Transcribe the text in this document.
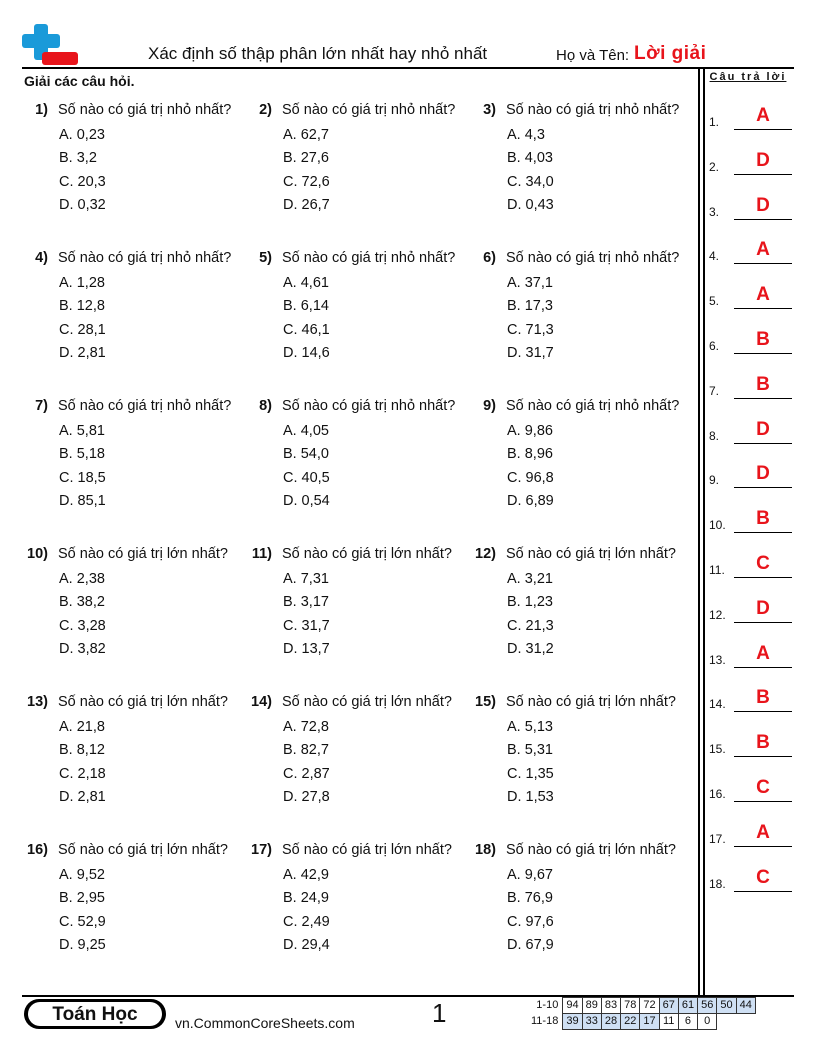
Xác định số thập phân lớn nhất hay nhỏ nhất	Họ và Tên: Lời giải
Giải các câu hỏi.	Câu trả lời
1) Số nào có giá trị nhỏ nhất?
A. 0,23
B. 3,2
C. 20,3
D. 0,32
2) Số nào có giá trị nhỏ nhất?
A. 62,7
B. 27,6
C. 72,6
D. 26,7
3) Số nào có giá trị nhỏ nhất?
A. 4,3
B. 4,03
C. 34,0
D. 0,43
4) Số nào có giá trị nhỏ nhất?
A. 1,28
B. 12,8
C. 28,1
D. 2,81
5) Số nào có giá trị nhỏ nhất?
A. 4,61
B. 6,14
C. 46,1
D. 14,6
6) Số nào có giá trị nhỏ nhất?
A. 37,1
B. 17,3
C. 71,3
D. 31,7
7) Số nào có giá trị nhỏ nhất?
A. 5,81
B. 5,18
C. 18,5
D. 85,1
8) Số nào có giá trị nhỏ nhất?
A. 4,05
B. 54,0
C. 40,5
D. 0,54
9) Số nào có giá trị nhỏ nhất?
A. 9,86
B. 8,96
C. 96,8
D. 6,89
10) Số nào có giá trị lớn nhất?
A. 2,38
B. 38,2
C. 3,28
D. 3,82
11) Số nào có giá trị lớn nhất?
A. 7,31
B. 3,17
C. 31,7
D. 13,7
12) Số nào có giá trị lớn nhất?
A. 3,21
B. 1,23
C. 21,3
D. 31,2
13) Số nào có giá trị lớn nhất?
A. 21,8
B. 8,12
C. 2,18
D. 2,81
14) Số nào có giá trị lớn nhất?
A. 72,8
B. 82,7
C. 2,87
D. 27,8
15) Số nào có giá trị lớn nhất?
A. 5,13
B. 5,31
C. 1,35
D. 1,53
16) Số nào có giá trị lớn nhất?
A. 9,52
B. 2,95
C. 52,9
D. 9,25
17) Số nào có giá trị lớn nhất?
A. 42,9
B. 24,9
C. 2,49
D. 29,4
18) Số nào có giá trị lớn nhất?
A. 9,67
B. 76,9
C. 97,6
D. 67,9
1.	A
2.	D
3.	D
4.	A
5.	A
6.	B
7.	B
8.	D
9.	D
10.	B
11.	C
12.	D
13.	A
14.	B
15.	B
16.	C
17.	A
18.	C
Toán Học	vn.CommonCoreSheets.com	1	1-10	94	89	83	78	72	67	61	56	50	44
11-18	39	33	28	22	17	11	6	0		
